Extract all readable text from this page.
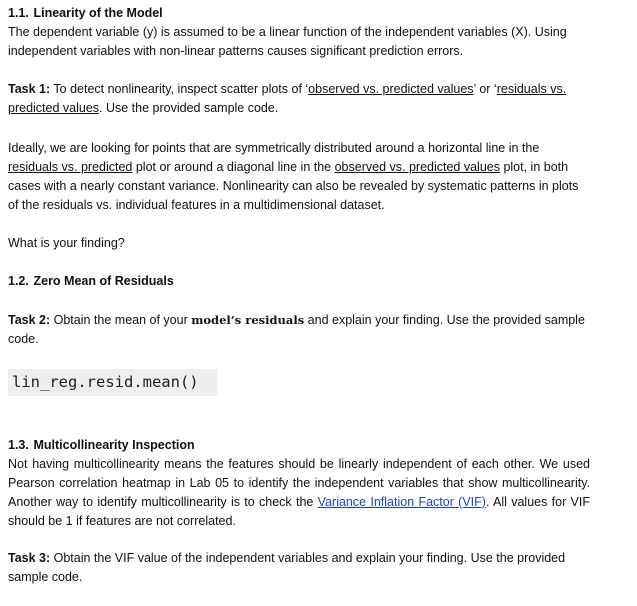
1.1. Linearity of the Model

The dependent variable (y) is assumed to be a linear function of the independent variables (X). Using independent variables with non-linear patterns causes significant prediction errors.

Task 1: To detect nonlinearity, inspect scatter plots of ‘observed vs. predicted values’ or ‘residuals vs. predicted values. Use the provided sample code.

Ideally, we are looking for points that are symmetrically distributed around a horizontal line in the residuals vs. predicted plot or around a diagonal line in the observed vs. predicted values plot, in both cases with a nearly constant variance. Nonlinearity can also be revealed by systematic patterns in plots of the residuals vs. individual features in a multidimensional dataset.

What is your finding?

1.2. Zero Mean of Residuals

Task 2: Obtain the mean of your model’s residuals and explain your finding. Use the provided sample code.

lin_reg.resid.mean()

1.3. Multicollinearity Inspection

Not having multicollinearity means the features should be linearly independent of each other. We used Pearson correlation heatmap in Lab 05 to identify the independent variables that show multicollinearity. Another way to identify multicollinearity is to check the Variance Inflation Factor (VIF). All values for VIF should be 1 if features are not correlated.

Task 3: Obtain the VIF value of the independent variables and explain your finding. Use the provided sample code.
